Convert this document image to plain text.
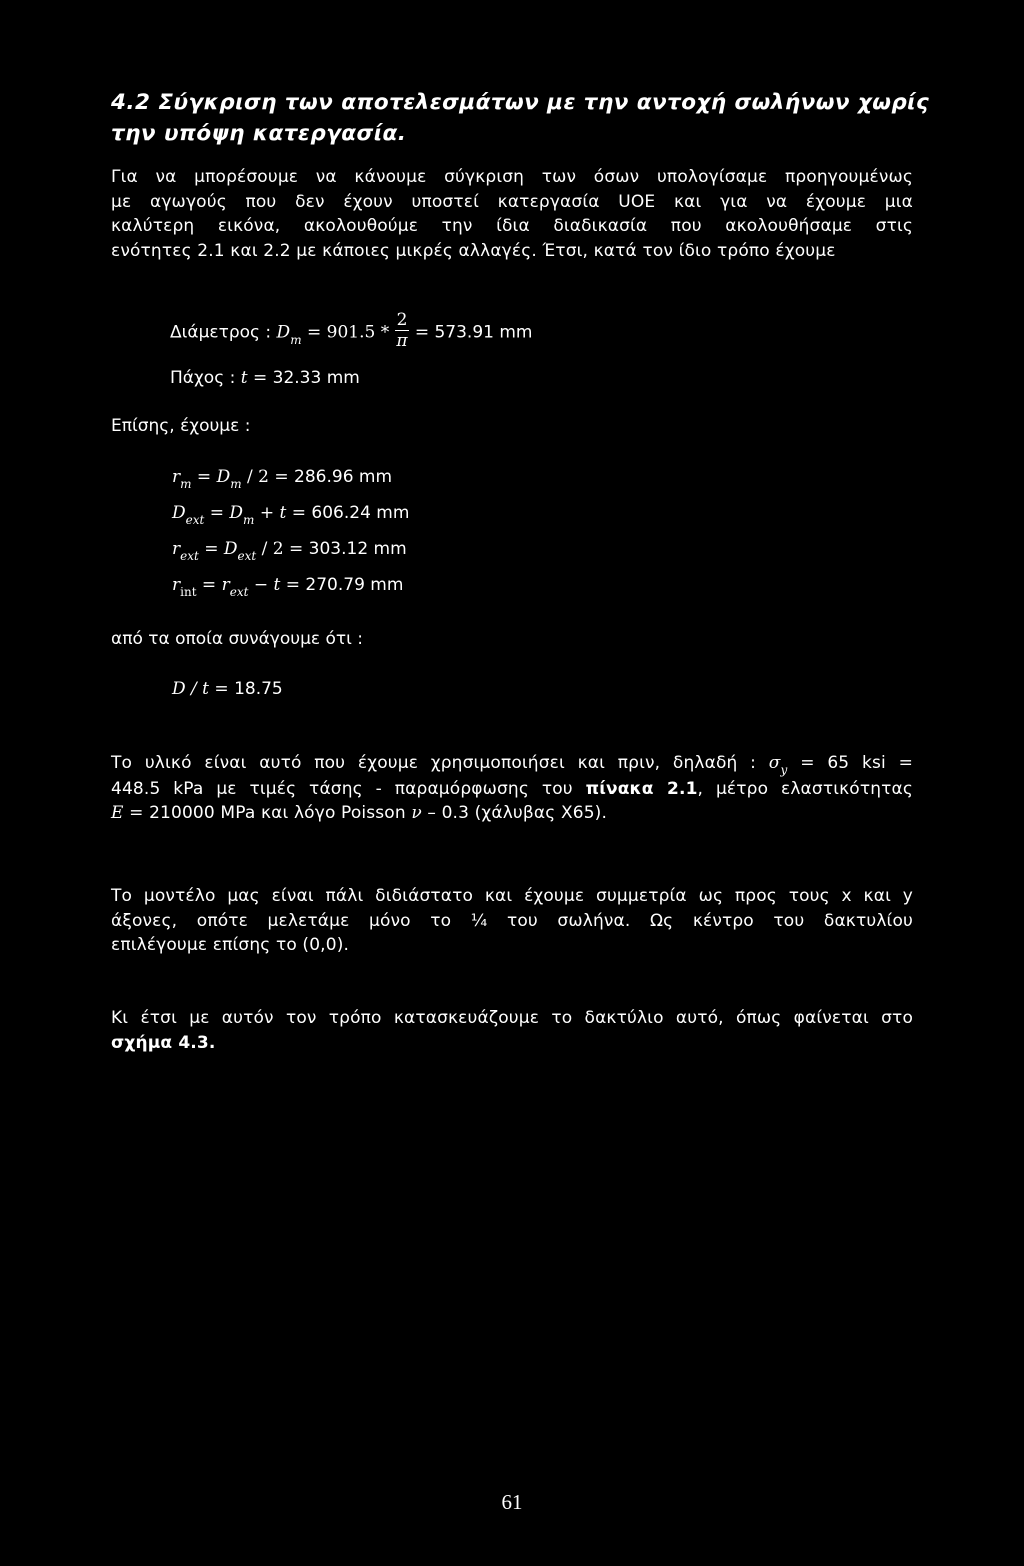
4.2 Σύγκριση των αποτελεσμάτων με την αντοχή σωλήνων χωρίς
την υπόψη κατεργασία.
Για να μπορέσουμε να κάνουμε σύγκριση των όσων υπολογίσαμε προηγουμένως
με αγωγούς που δεν έχουν υποστεί κατεργασία UOE και για να έχουμε μια
καλύτερη εικόνα, ακολουθούμε την ίδια διαδικασία που ακολουθήσαμε στις
ενότητες 2.1 και 2.2 με κάποιες μικρές αλλαγές. Έτσι, κατά τον ίδιο τρόπο έχουμε
Διάμετρος : $D_m = 901.5 * \frac{2}{\pi} = 573.91$ mm
Πάχος : t = 32.33 mm
Επίσης, έχουμε :
$r_m = D_m / 2 = 286.96$ mm
$D_{ext} = D_m + t = 606.24$ mm
$r_{ext} = D_{ext} / 2 = 303.12$ mm
$r_{int} = r_{ext} - t = 270.79$ mm
από τα οποία συνάγουμε ότι :
D / t = 18.75
Το υλικό είναι αυτό που έχουμε χρησιμοποιήσει και πριν, δηλαδή : $\sigma_y = 65$ ksi =
448.5 kPa με τιμές τάσης - παραμόρφωσης του πίνακα 2.1, μέτρο ελαστικότητας
E = 210000 MPa και λόγο Poisson ν – 0.3 (χάλυβας Χ65).
Το μοντέλο μας είναι πάλι διδιάστατο και έχουμε συμμετρία ως προς τους x και y
άξονες, οπότε μελετάμε μόνο το ¼ του σωλήνα. Ως κέντρο του δακτυλίου
επιλέγουμε επίσης το (0,0).
Κι έτσι με αυτόν τον τρόπο κατασκευάζουμε το δακτύλιο αυτό, όπως φαίνεται στο
σχήμα 4.3.
61
